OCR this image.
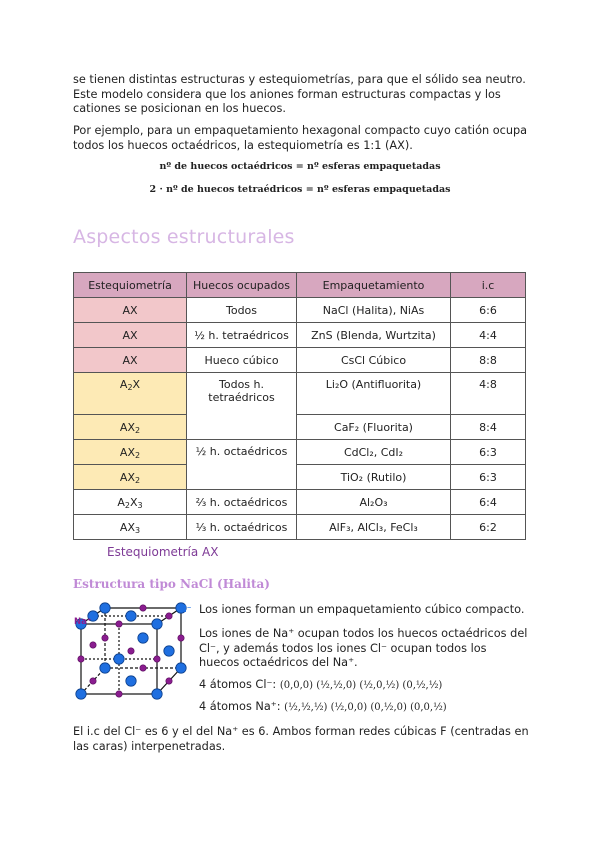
se tienen distintas estructuras y estequiometrías, para que el sólido sea neutro. Este modelo considera que los aniones forman estructuras compactas y los cationes se posicionan en los huecos.

Por ejemplo, para un empaquetamiento hexagonal compacto cuyo catión ocupa todos los huecos octaédricos, la estequiometría es 1:1 (AX).

nº de huecos octaédricos = nº esferas empaquetadas
2 · nº de huecos tetraédricos = nº esferas empaquetadas
Aspectos estructurales
Estequiometría	Huecos ocupados	Empaquetamiento	i.c
AX	Todos	NaCl (Halita), NiAs	6:6
AX	½ h. tetraédricos	ZnS (Blenda, Wurtzita)	4:4
AX	Hueco cúbico	CsCl Cúbico	8:8
$A_2X$	Todos h. tetraédricos	Li₂O (Antifluorita)	4:8
$AX_2$		CaF₂ (Fluorita)	8:4
$AX_2$	½ h. octaédricos	CdCl₂, CdI₂	6:3
$AX_2$		TiO₂ (Rutilo)	6:3
$A_2X_3$	⅔ h. octaédricos	Al₂O₃	6:4
$AX_3$	⅓ h. octaédricos	AlF₃, AlCl₃, FeCl₃	6:2
Estequiometría AX
Estructura tipo NaCl (Halita)
Cl⁻
Na⁺

Los iones forman un empaquetamiento cúbico compacto.

Los iones de Na⁺ ocupan todos los huecos octaédricos del Cl⁻, y además todos los iones Cl⁻ ocupan todos los huecos octaédricos del Na⁺.

4 átomos Cl⁻: (0,0,0) (½,½,0) (½,0,½) (0,½,½)

4 átomos Na⁺: (½,½,½) (½,0,0) (0,½,0) (0,0,½)

El i.c del Cl⁻ es 6 y el del Na⁺ es 6. Ambos forman redes cúbicas F (centradas en las caras) interpenetradas.
